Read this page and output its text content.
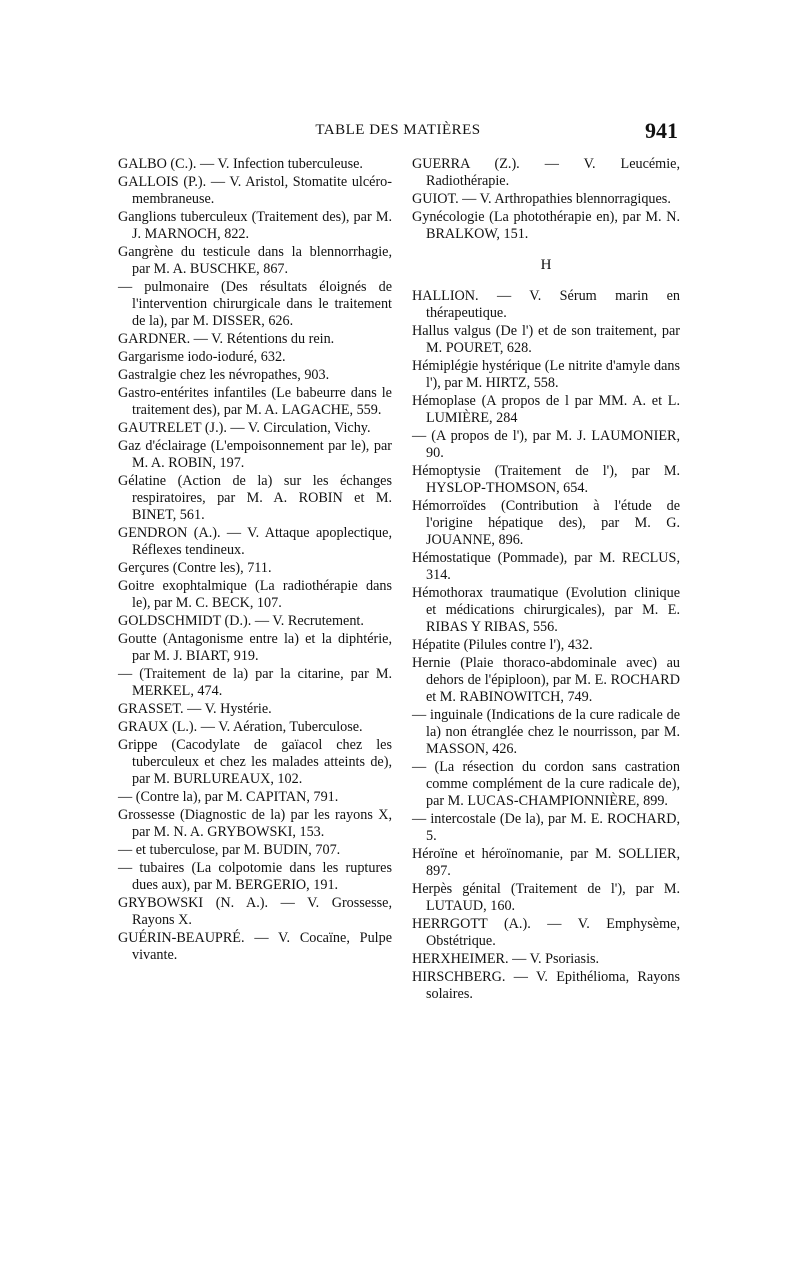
TABLE DES MATIÈRES	941

GALBO (C.). — V. Infection tuberculeuse.

GALLOIS (P.). — V. Aristol, Stomatite ulcéro-membraneuse.

Ganglions tuberculeux (Traitement des), par M. J. MARNOCH, 822.

Gangrène du testicule dans la blennorrhagie, par M. A. BUSCHKE, 867.

— pulmonaire (Des résultats éloignés de l'intervention chirurgicale dans le traitement de la), par M. DISSER, 626.

GARDNER. — V. Rétentions du rein.

Gargarisme iodo-ioduré, 632.

Gastralgie chez les névropathes, 903.

Gastro-entérites infantiles (Le babeurre dans le traitement des), par M. A. LAGACHE, 559.

GAUTRELET (J.). — V. Circulation, Vichy.

Gaz d'éclairage (L'empoisonnement par le), par M. A. ROBIN, 197.

Gélatine (Action de la) sur les échanges respiratoires, par M. A. ROBIN et M. BINET, 561.

GENDRON (A.). — V. Attaque apoplectique, Réflexes tendineux.

Gerçures (Contre les), 711.

Goitre exophtalmique (La radiothérapie dans le), par M. C. BECK, 107.

GOLDSCHMIDT (D.). — V. Recrutement.

Goutte (Antagonisme entre la) et la diphtérie, par M. J. BIART, 919.

— (Traitement de la) par la citarine, par M. MERKEL, 474.

GRASSET. — V. Hystérie.

GRAUX (L.). — V. Aération, Tuberculose.

Grippe (Cacodylate de gaïacol chez les tuberculeux et chez les malades atteints de), par M. BURLUREAUX, 102.

— (Contre la), par M. CAPITAN, 791.

Grossesse (Diagnostic de la) par les rayons X, par M. N. A. GRYBOWSKI, 153.

— et tuberculose, par M. BUDIN, 707.

— tubaires (La colpotomie dans les ruptures dues aux), par M. BERGERIO, 191.

GRYBOWSKI (N. A.). — V. Grossesse, Rayons X.

GUÉRIN-BEAUPRÉ. — V. Cocaïne, Pulpe vivante.

GUERRA (Z.). — V. Leucémie, Radiothérapie.

GUIOT. — V. Arthropathies blennorragiques.

Gynécologie (La photothérapie en), par M. N. BRALKOW, 151.

H

HALLION. — V. Sérum marin en thérapeutique.

Hallus valgus (De l') et de son traitement, par M. POURET, 628.

Hémiplégie hystérique (Le nitrite d'amyle dans l'), par M. HIRTZ, 558.

Hémoplase (A propos de l par MM. A. et L. LUMIÈRE, 284

— (A propos de l'), par M. J. LAUMONIER, 90.

Hémoptysie (Traitement de l'), par M. HYSLOP-THOMSON, 654.

Hémorroïdes (Contribution à l'étude de l'origine hépatique des), par M. G. JOUANNE, 896.

Hémostatique (Pommade), par M. RECLUS, 314.

Hémothorax traumatique (Evolution clinique et médications chirurgicales), par M. E. RIBAS Y RIBAS, 556.

Hépatite (Pilules contre l'), 432.

Hernie (Plaie thoraco-abdominale avec) au dehors de l'épiploon), par M. E. ROCHARD et M. RABINOWITCH, 749.

— inguinale (Indications de la cure radicale de la) non étranglée chez le nourrisson, par M. MASSON, 426.

— (La résection du cordon sans castration comme complément de la cure radicale de), par M. LUCAS-CHAMPIONNIÈRE, 899.

— intercostale (De la), par M. E. ROCHARD, 5.

Héroïne et héroïnomanie, par M. SOLLIER, 897.

Herpès génital (Traitement de l'), par M. LUTAUD, 160.

HERRGOTT (A.). — V. Emphysème, Obstétrique.

HERXHEIMER. — V. Psoriasis.

HIRSCHBERG. — V. Epithélioma, Rayons solaires.
